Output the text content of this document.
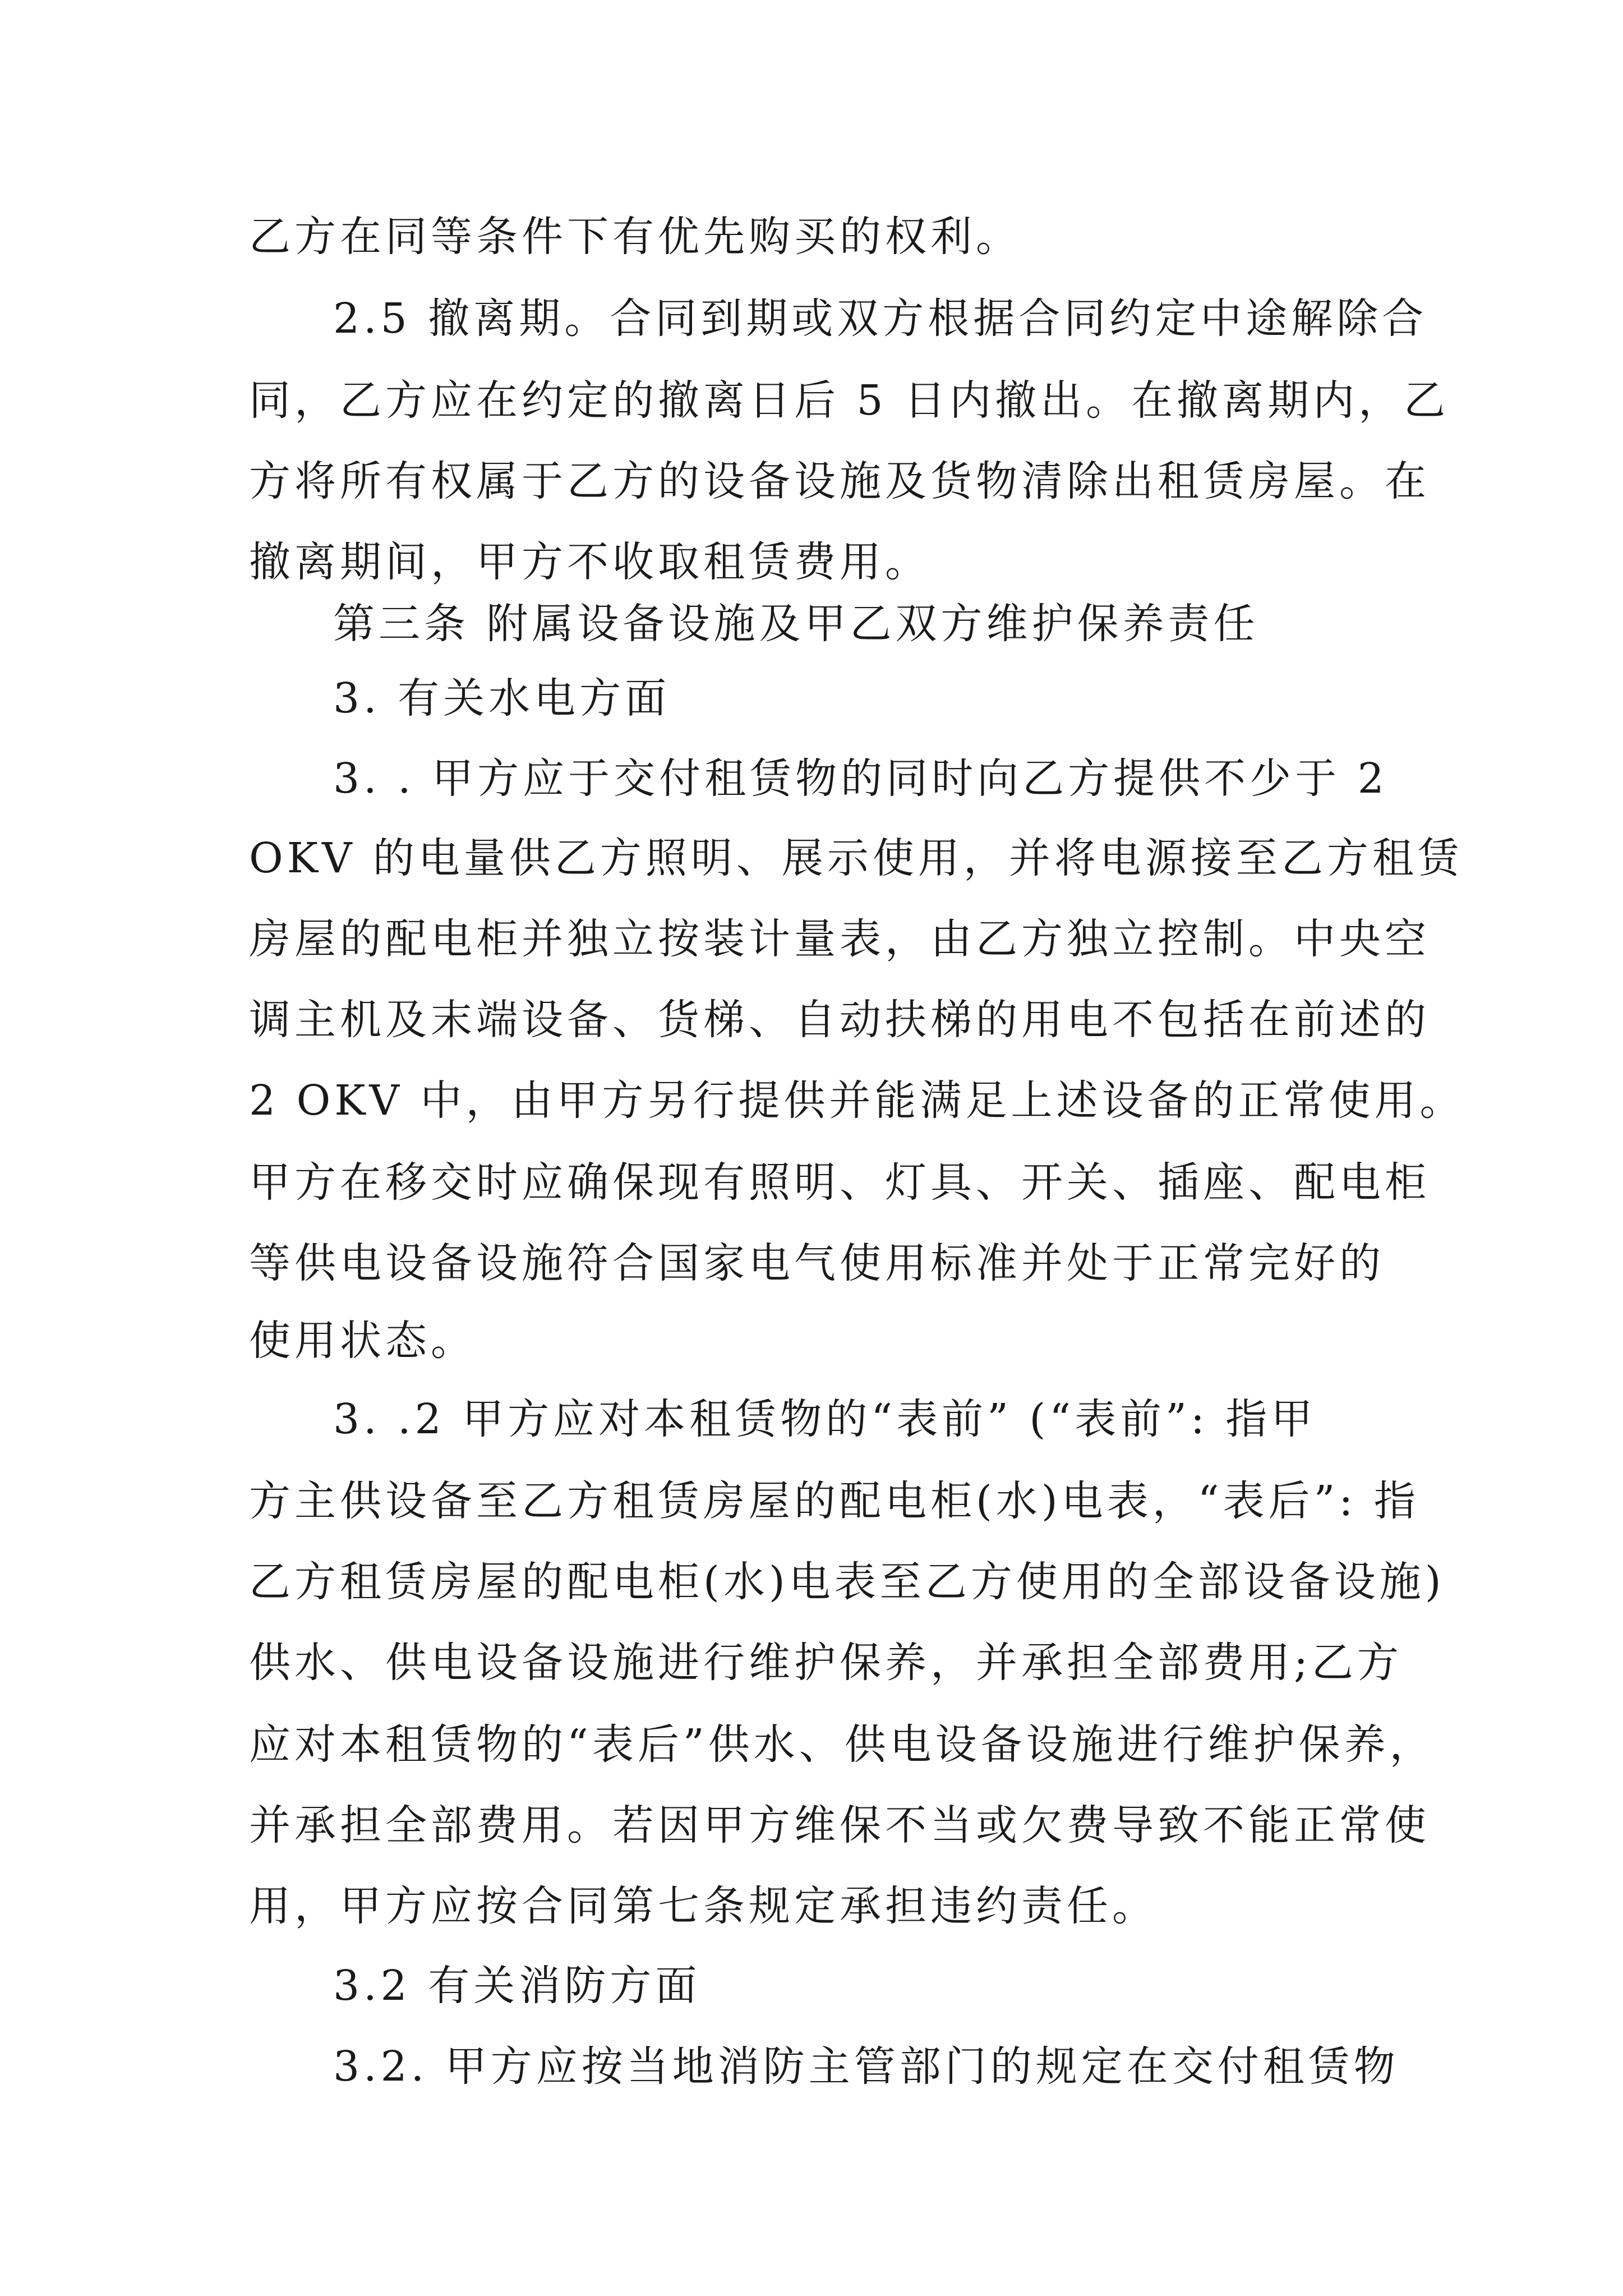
乙方在同等条件下有优先购买的权利。
2.5 撤离期。合同到期或双方根据合同约定中途解除合
同，乙方应在约定的撤离日后 5 日内撤出。在撤离期内，乙
方将所有权属于乙方的设备设施及货物清除出租赁房屋。在
撤离期间，甲方不收取租赁费用。
第三条 附属设备设施及甲乙双方维护保养责任
3. 有关水电方面
3. . 甲方应于交付租赁物的同时向乙方提供不少于 2
OKV 的电量供乙方照明、展示使用，并将电源接至乙方租赁
房屋的配电柜并独立按装计量表，由乙方独立控制。中央空
调主机及末端设备、货梯、自动扶梯的用电不包括在前述的
2 OKV 中，由甲方另行提供并能满足上述设备的正常使用。
甲方在移交时应确保现有照明、灯具、开关、插座、配电柜
等供电设备设施符合国家电气使用标准并处于正常完好的
使用状态。
3. .2 甲方应对本租赁物的“表前” (“表前”: 指甲
方主供设备至乙方租赁房屋的配电柜(水)电表，“表后”: 指
乙方租赁房屋的配电柜(水)电表至乙方使用的全部设备设施)
供水、供电设备设施进行维护保养，并承担全部费用;乙方
应对本租赁物的“表后”供水、供电设备设施进行维护保养，
并承担全部费用。若因甲方维保不当或欠费导致不能正常使
用，甲方应按合同第七条规定承担违约责任。
3.2 有关消防方面
3.2. 甲方应按当地消防主管部门的规定在交付租赁物
